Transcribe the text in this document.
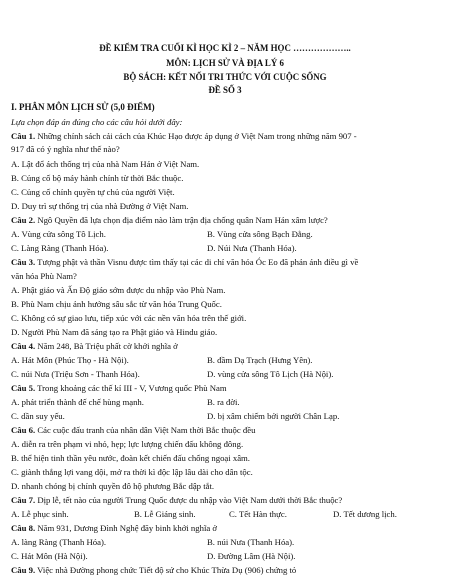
ĐỀ KIỂM TRA CUỐI KÌ HỌC KÌ 2 – NĂM HỌC ………………..
MÔN: LỊCH SỬ VÀ ĐỊA LÝ 6
BỘ SÁCH: KẾT NỐI TRI THỨC VỚI CUỘC SỐNG
ĐỀ SỐ 3
I. PHÂN MÔN LỊCH SỬ (5,0 ĐIỂM)
Lựa chọn đáp án đúng cho các câu hỏi dưới đây:
Câu 1. Những chính sách cải cách của Khúc Hạo được áp dụng ở Việt Nam trong những năm 907 -
917 đã có ý nghĩa như thế nào?
A. Lật đổ ách thống trị của nhà Nam Hán ở Việt Nam.
B. Củng cố bộ máy hành chính từ thời Bắc thuộc.
C. Củng cố chính quyền tự chủ của người Việt.
D. Duy trì sự thống trị của nhà Đường ở Việt Nam.
Câu 2. Ngô Quyền đã lựa chọn địa điểm nào làm trận địa chống quân Nam Hán xâm lược?
A. Vùng cửa sông Tô Lịch.	B. Vùng cửa sông Bạch Đằng.
C. Làng Ràng (Thanh Hóa).	D. Núi Nưa (Thanh Hóa).
Câu 3. Tượng phật và thần Visnu được tìm thấy tại các di chỉ văn hóa Óc Eo đã phản ánh điều gì về
văn hóa Phù Nam?
A. Phật giáo và Ấn Độ giáo sớm được du nhập vào Phù Nam.
B. Phù Nam chịu ảnh hưởng sâu sắc từ văn hóa Trung Quốc.
C. Không có sự giao lưu, tiếp xúc với các nền văn hóa trên thế giới.
D. Người Phù Nam đã sáng tạo ra Phật giáo và Hindu giáo.
Câu 4. Năm 248, Bà Triệu phất cờ khởi nghĩa ở
A. Hát Môn (Phúc Thọ - Hà Nội).	B. đầm Dạ Trạch (Hưng Yên).
C. núi Nưa (Triệu Sơn - Thanh Hóa).	D. vùng cửa sông Tô Lịch (Hà Nội).
Câu 5. Trong khoảng các thế kỉ III - V, Vương quốc Phù Nam
A. phát triển thành đế chế hùng mạnh.	B. ra đời.
C. dần suy yếu.	D. bị xâm chiếm bởi người Chân Lạp.
Câu 6. Các cuộc đấu tranh của nhân dân Việt Nam thời Bắc thuộc đều
A. diễn ra trên phạm vi nhỏ, hẹp; lực lượng chiến đấu không đông.
B. thể hiện tinh thần yêu nước, đoàn kết chiến đấu chống ngoại xâm.
C. giành thắng lợi vang dội, mở ra thời kì độc lập lâu dài cho dân tộc.
D. nhanh chóng bị chính quyền đô hộ phương Bắc dập tắt.
Câu 7. Dịp lễ, tết nào của người Trung Quốc được du nhập vào Việt Nam dưới thời Bắc thuộc?
A. Lễ phục sinh.	B. Lễ Giáng sinh.	C. Tết Hàn thực.	D. Tết dương lịch.
Câu 8. Năm 931, Dương Đình Nghệ đãy binh khởi nghĩa ở
A. làng Ràng (Thanh Hóa).	B. núi Nưa (Thanh Hóa).
C. Hát Môn (Hà Nội).	D. Đường Lâm (Hà Nội).
Câu 9. Việc nhà Đường phong chức Tiết độ sứ cho Khúc Thừa Dụ (906) chứng tỏ
